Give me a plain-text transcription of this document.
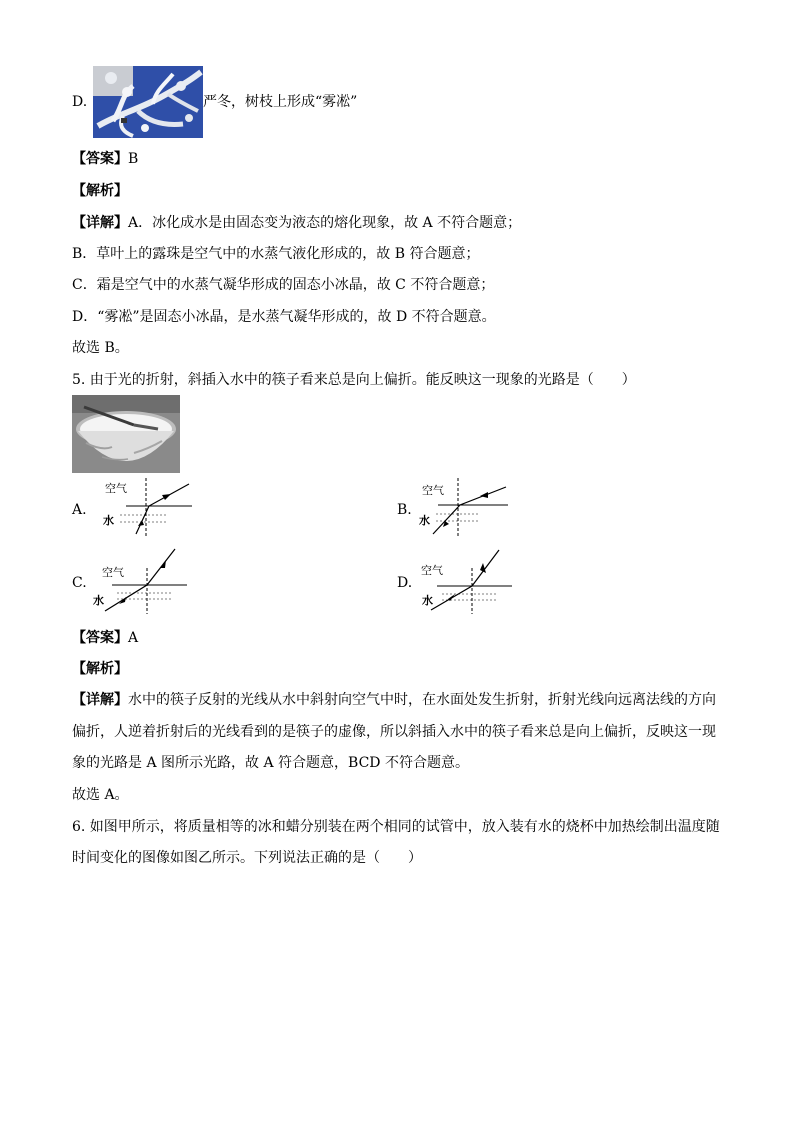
D.	严冬，树枝上形成“雾凇”
【答案】B
【解析】
【详解】A．冰化成水是由固态变为液态的熔化现象，故 A 不符合题意；
B．草叶上的露珠是空气中的水蒸气液化形成的，故 B 符合题意；
C．霜是空气中的水蒸气凝华形成的固态小冰晶，故 C 不符合题意；
D．“雾凇”是固态小冰晶，是水蒸气凝华形成的，故 D 不符合题意。
故选 B。
5. 由于光的折射，斜插入水中的筷子看来总是向上偏折。能反映这一现象的光路是（　　）
A.
空气
水
B.
空气
水
C.
空气
水
D.
空气
水
【答案】A
【解析】
【详解】水中的筷子反射的光线从水中斜射向空气中时，在水面处发生折射，折射光线向远离法线的方向
偏折，人逆着折射后的光线看到的是筷子的虚像，所以斜插入水中的筷子看来总是向上偏折，反映这一现
象的光路是 A 图所示光路，故 A 符合题意，BCD 不符合题意。
故选 A。
6. 如图甲所示，将质量相等的冰和蜡分别装在两个相同的试管中，放入装有水的烧杯中加热绘制出温度随
时间变化的图像如图乙所示。下列说法正确的是（　　）
